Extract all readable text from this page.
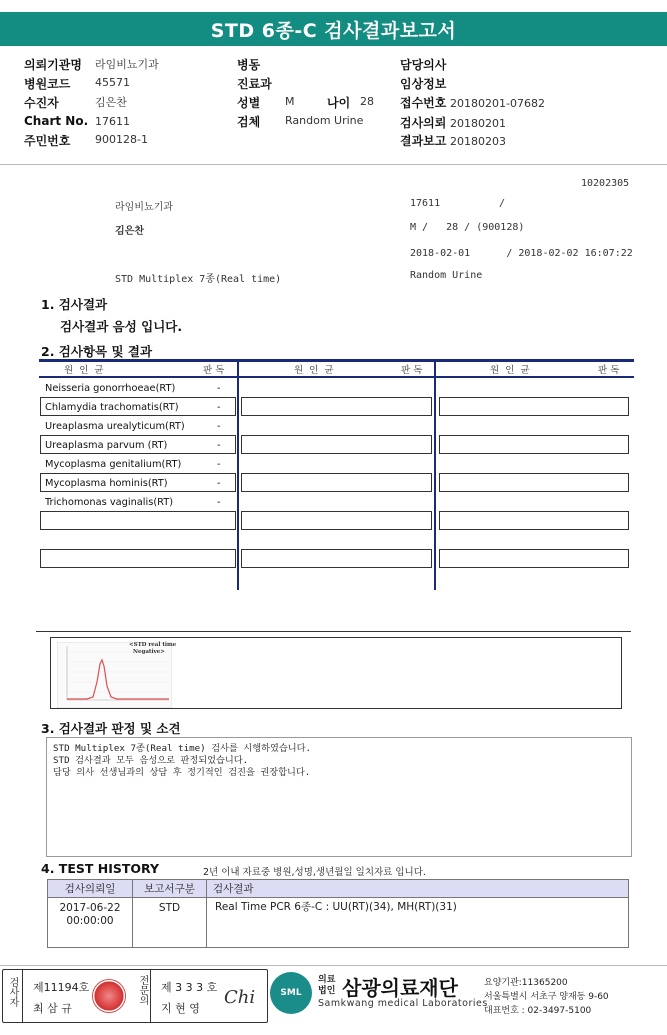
STD 6종-C 검사결과보고서
의뢰기관명 라임비뇨기과
병원코드 45571
수진자	김은찬
Chart No. 17611
주민번호 900128-1
병동
진료과
성별 M	나이 28
검체 Random Urine
담당의사
임상정보
접수번호 20180201-07682
검사의뢰 20180201
결과보고 20180203
10202305
라임비뇨기과	17611	/
김은찬	M /   28 / (900128)
2018-02-01      / 2018-02-02 16:07:22
STD Multiplex 7종(Real time)	Random Urine
1. 검사결과
검사결과 음성 입니다.
2. 검사항목 및 결과
원  인  균	판 독	원  인  균	판 독	원  인  균	판 독
Neisseria gonorrhoeae(RT)	-
Chlamydia trachomatis(RT)	-
Ureaplasma urealyticum(RT)	-
Ureaplasma parvum (RT)	-
Mycoplasma genitalium(RT)	-
Mycoplasma hominis(RT)	-
Trichomonas vaginalis(RT)	-
<STD real time
Negative>
3. 검사결과 판정 및 소견
STD Multiplex 7종(Real time) 검사를 시행하였습니다.
STD 검사결과 모두 음성으로 판정되었습니다.
담당 의사 선생님과의 상담 후 정기적인 검진을 권장합니다.
4. TEST HISTORY	2년 이내 자료중 병원,성명,생년월일 일치자료 입니다.
검사의뢰일	보고서구분	검사결과

2017-06-22
00:00:00	STD	Real Time PCR 6종-C : UU(RT)(34), MH(RT)(31)
검사자 제11194호
최 삼 규
전문의 제 3 3 3 호
지 현 영
Chi	SML
의료
법인 삼광의료재단
Samkwang medical Laboratories
요양기관:11365200
서울특별시 서초구 양재동 9-60
대표번호 : 02-3497-5100
